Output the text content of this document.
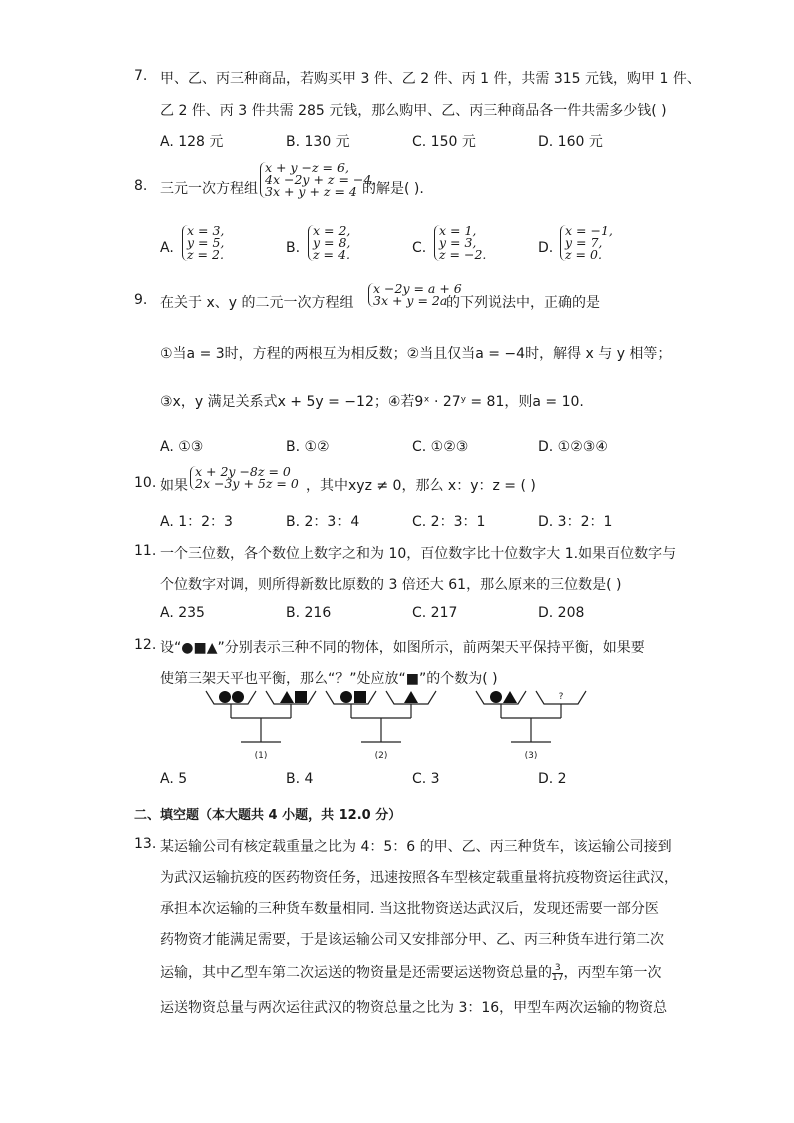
7. 甲、乙、丙三种商品，若购买甲 3 件、乙 2 件、丙 1 件，共需 315 元钱，购甲 1 件、
乙 2 件、丙 3 件共需 285 元钱，那么购甲、乙、丙三种商品各一件共需多少钱( )
A. 128 元	B. 130 元	C. 150 元	D. 160 元
8. 三元一次方程组
x + y −z = 6,
4x −2y + z = −4,
3x + y + z = 4 的解是( ).
A.
x = 3,
y = 5,
z = 2.	B.
x = 2,
y = 8,
z = 4.	C.
x = 1,
y = 3,
z = −2.	D.
x = −1,
y = 7,
z = 0.
9. 在关于 x、y 的二元一次方程组
x −2y = a + 6
3x + y = 2a
的下列说法中，正确的是
①当a = 3时，方程的两根互为相反数；②当且仅当a = −4时，解得 x 与 y 相等；
③x，y 满足关系式x + 5y = −12；④若9ˣ · 27ʸ = 81，则a = 10.
A. ①③	B. ①②	C. ①②③	D. ①②③④
10. 如果
x + 2y −8z = 0
2x −3y + 5z = 0 ，其中xyz ≠ 0，那么 x：y：z = ( )
A. 1：2：3	B. 2：3：4	C. 2：3：1	D. 3：2：1
11. 一个三位数，各个数位上数字之和为 10，百位数字比十位数字大 1.如果百位数字与
个位数字对调，则所得新数比原数的 3 倍还大 61，那么原来的三位数是( )
A. 235	B. 216	C. 217	D. 208
12. 设“●■▲”分别表示三种不同的物体，如图所示，前两架天平保持平衡，如果要
使第三架天平也平衡，那么“？”处应放“■”的个数为( )
?
(1)	(2)	(3)
A. 5	B. 4	C. 3	D. 2
二、填空题（本大题共 4 小题，共 12.0 分）
13. 某运输公司有核定载重量之比为 4：5：6 的甲、乙、丙三种货车，该运输公司接到
为武汉运输抗疫的医药物资任务，迅速按照各车型核定载重量将抗疫物资运往武汉，
承担本次运输的三种货车数量相同. 当这批物资送达武汉后，发现还需要一部分医
药物资才能满足需要，于是该运输公司又安排部分甲、乙、丙三种货车进行第二次
运输，其中乙型车第二次运送的物资量是还需要运送物资总量的 $\frac{3}{17}$ ，丙型车第一次
运送物资总量与两次运往武汉的物资总量之比为 3：16，甲型车两次运输的物资总
